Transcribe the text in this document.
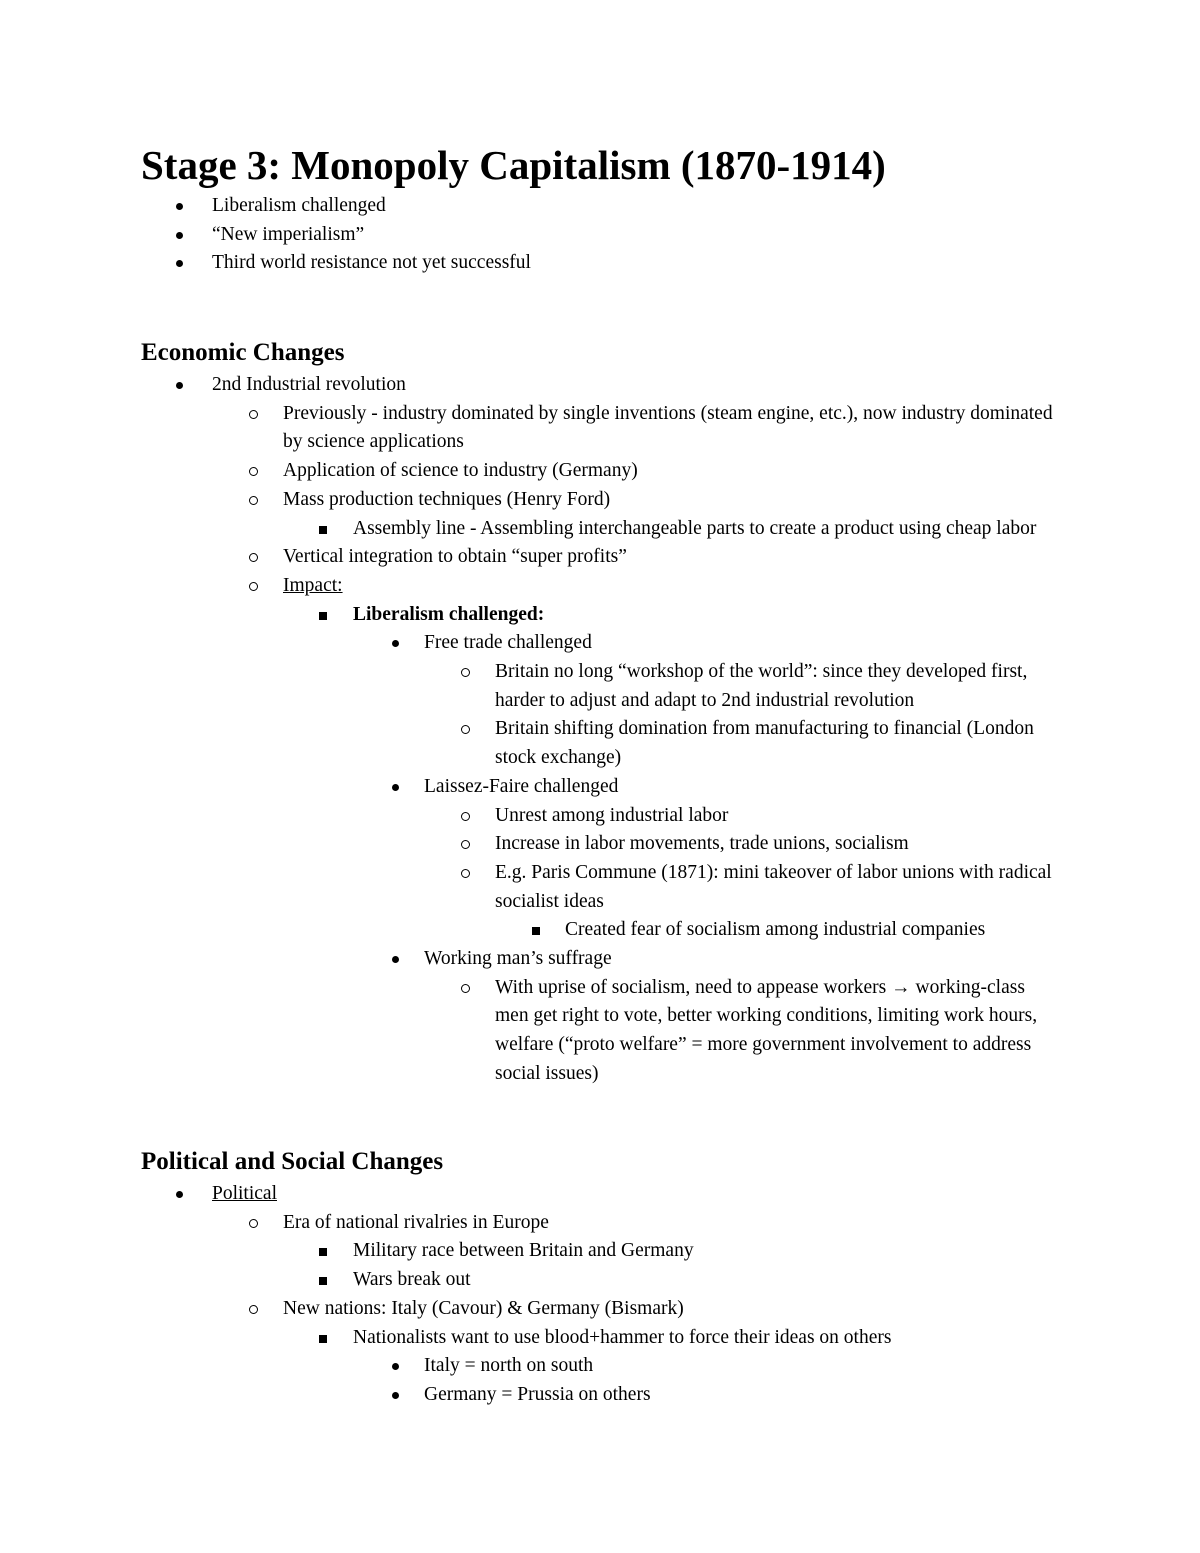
Stage 3: Monopoly Capitalism (1870-1914)
Liberalism challenged
“New imperialism”
Third world resistance not yet successful
Economic Changes
2nd Industrial revolution
Previously - industry dominated by single inventions (steam engine, etc.), now industry dominated by science applications
Application of science to industry (Germany)
Mass production techniques (Henry Ford)
Assembly line - Assembling interchangeable parts to create a product using cheap labor
Vertical integration to obtain “super profits”
Impact:
Liberalism challenged:
Free trade challenged
Britain no long “workshop of the world”: since they developed first, harder to adjust and adapt to 2nd industrial revolution
Britain shifting domination from manufacturing to financial (London stock exchange)
Laissez-Faire challenged
Unrest among industrial labor
Increase in labor movements, trade unions, socialism
E.g. Paris Commune (1871): mini takeover of labor unions with radical socialist ideas
Created fear of socialism among industrial companies
Working man’s suffrage
With uprise of socialism, need to appease workers → working-class men get right to vote, better working conditions, limiting work hours, welfare (“proto welfare” = more government involvement to address social issues)
Political and Social Changes
Political
Era of national rivalries in Europe
Military race between Britain and Germany
Wars break out
New nations: Italy (Cavour) & Germany (Bismark)
Nationalists want to use blood+hammer to force their ideas on others
Italy = north on south
Germany = Prussia on others
